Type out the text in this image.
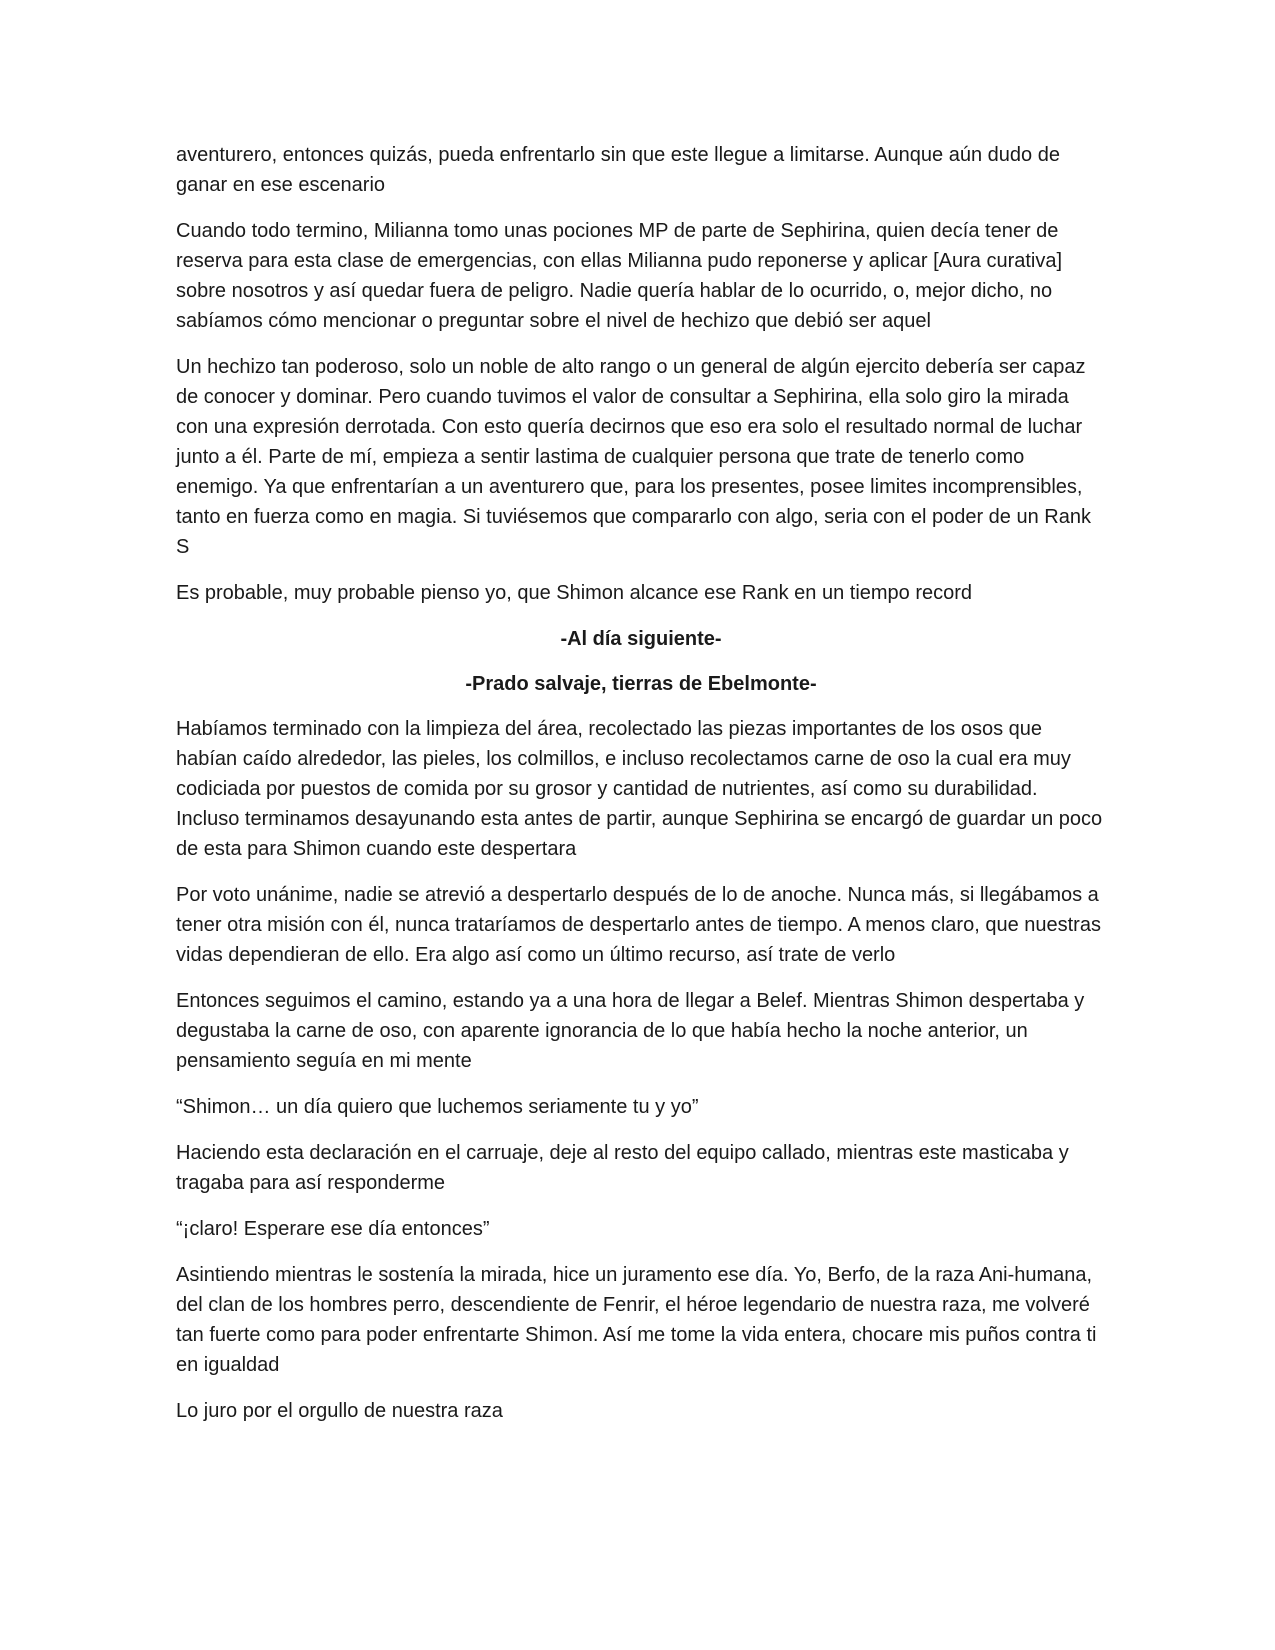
aventurero, entonces quizás, pueda enfrentarlo sin que este llegue a limitarse. Aunque aún dudo de ganar en ese escenario

Cuando todo termino, Milianna tomo unas pociones MP de parte de Sephirina, quien decía tener de reserva para esta clase de emergencias, con ellas Milianna pudo reponerse y aplicar [Aura curativa] sobre nosotros y así quedar fuera de peligro. Nadie quería hablar de lo ocurrido, o, mejor dicho, no sabíamos cómo mencionar o preguntar sobre el nivel de hechizo que debió ser aquel

Un hechizo tan poderoso, solo un noble de alto rango o un general de algún ejercito debería ser capaz de conocer y dominar. Pero cuando tuvimos el valor de consultar a Sephirina, ella solo giro la mirada con una expresión derrotada. Con esto quería decirnos que eso era solo el resultado normal de luchar junto a él. Parte de mí, empieza a sentir lastima de cualquier persona que trate de tenerlo como enemigo. Ya que enfrentarían a un aventurero que, para los presentes, posee limites incomprensibles, tanto en fuerza como en magia. Si tuviésemos que compararlo con algo, seria con el poder de un Rank S

Es probable, muy probable pienso yo, que Shimon alcance ese Rank en un tiempo record

-Al día siguiente-

-Prado salvaje, tierras de Ebelmonte-

Habíamos terminado con la limpieza del área, recolectado las piezas importantes de los osos que habían caído alrededor, las pieles, los colmillos, e incluso recolectamos carne de oso la cual era muy codiciada por puestos de comida por su grosor y cantidad de nutrientes, así como su durabilidad. Incluso terminamos desayunando esta antes de partir, aunque Sephirina se encargó de guardar un poco de esta para Shimon cuando este despertara

Por voto unánime, nadie se atrevió a despertarlo después de lo de anoche. Nunca más, si llegábamos a tener otra misión con él, nunca trataríamos de despertarlo antes de tiempo. A menos claro, que nuestras vidas dependieran de ello. Era algo así como un último recurso, así trate de verlo

Entonces seguimos el camino, estando ya a una hora de llegar a Belef. Mientras Shimon despertaba y degustaba la carne de oso, con aparente ignorancia de lo que había hecho la noche anterior, un pensamiento seguía en mi mente

“Shimon… un día quiero que luchemos seriamente tu y yo”

Haciendo esta declaración en el carruaje, deje al resto del equipo callado, mientras este masticaba y tragaba para así responderme

“¡claro! Esperare ese día entonces”

Asintiendo mientras le sostenía la mirada, hice un juramento ese día. Yo, Berfo, de la raza Ani-humana, del clan de los hombres perro, descendiente de Fenrir, el héroe legendario de nuestra raza, me volveré tan fuerte como para poder enfrentarte Shimon. Así me tome la vida entera, chocare mis puños contra ti en igualdad

Lo juro por el orgullo de nuestra raza
